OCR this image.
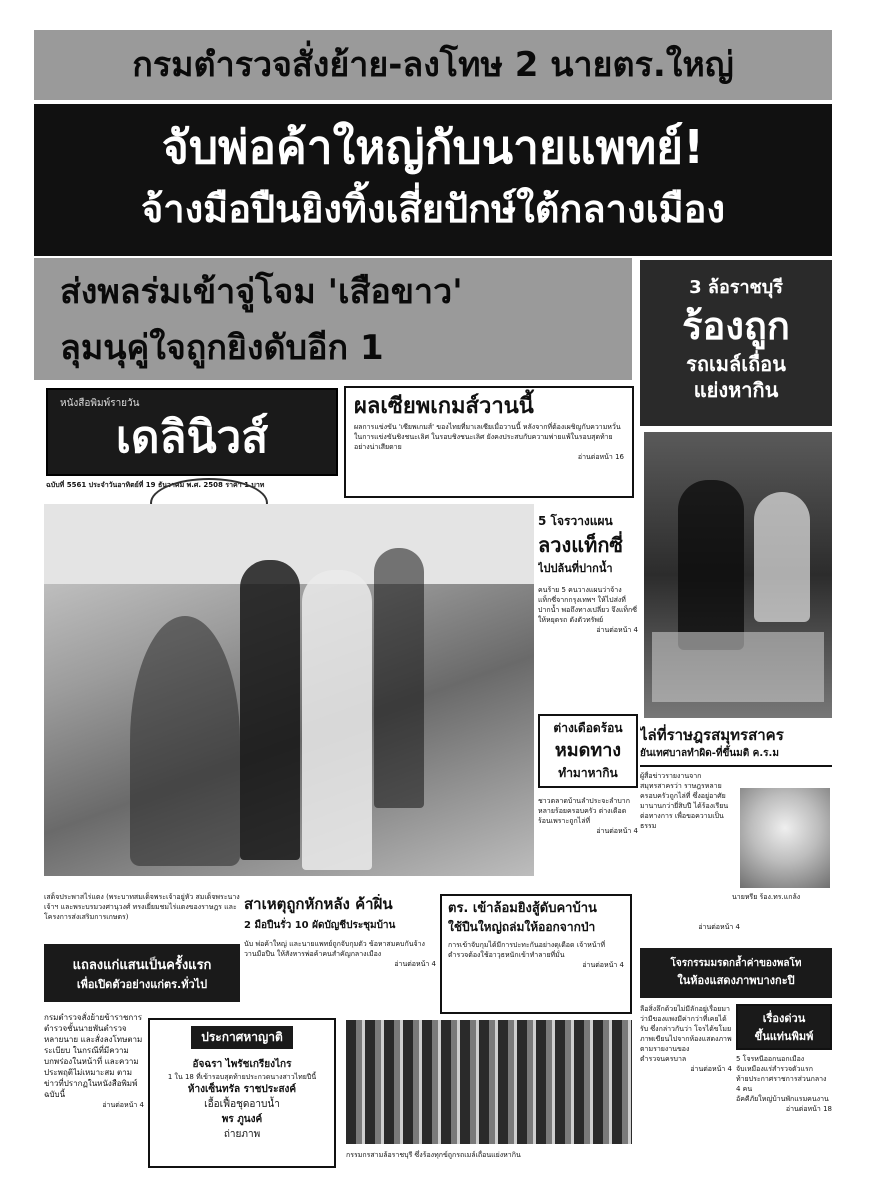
กรมตำรวจสั่งย้าย-ลงโทษ 2 นายตร.ใหญ่
จับพ่อค้าใหญ่กับนายแพทย์!
จ้างมือปืนยิงทิ้งเสี่ยปักษ์ใต้กลางเมือง
ส่งพลร่มเข้าจู่โจม 'เสือขาว'
ลุมนุคู่ใจถูกยิงดับอีก 1
3 ล้อราชบุรี
ร้องถูก
รถเมล์เถื่อน
แย่งหากิน
หนังสือพิมพ์รายวัน
เดลินิวส์
ฉบับที่ 5561 ประจำวันอาทิตย์ที่ 19 ธันวาคม พ.ศ. 2508 ราคา 1 บาท
ผลเซียพเกมส์วานนี้
ผลการแข่งขัน 'เซียพเกมส์' ของไทยที่มาเลเซียเมื่อวานนี้ หลังจากที่ต้องเผชิญกับความหวั่นในการแข่งขันชิงชนะเลิศ ในรอบชิงชนะเลิศ ยังคงประสบกับความพ่ายแพ้ในรอบสุดท้าย อย่างน่าเสียดาย
อ่านต่อหน้า 16
5 โจรวางแผน
ลวงแท็กซี่
ไปปล้นที่ปากน้ำ
คนร้าย 5 คนวางแผนว่าจ้างแท็กซี่จากกรุงเทพฯ ให้ไปส่งที่ปากน้ำ พอถึงทางเปลี่ยว จึงแท็กซี่ให้หยุดรถ ดังตัวทรัพย์
อ่านต่อหน้า 4
ต่างเดือดร้อน
หมดทาง
ทำมาหากิน
ชาวตลาดบ้านลำประจะลำบาก หลายร้อยครอบครัว ต่างเดือดร้อนเพราะถูกไล่ที่
อ่านต่อหน้า 4
ไล่ที่ราษฎรสมุทรสาคร
ยันเทศบาลทำผิด-ที่ขึ้นมติ ค.ร.ม
ผู้สื่อข่าวรายงานจากสมุทรสาครว่า ราษฎรหลายครอบครัวถูกไล่ที่ ซึ่งอยู่อาศัยมานานกว่ายี่สิบปี ได้ร้องเรียนต่อทางการ เพื่อขอความเป็นธรรม
นายหรีย ร้อง.ทร.แกล้ง
อ่านต่อหน้า 4
เสด็จประพาสไร่แตง (พระบาทสมเด็จพระเจ้าอยู่หัว สมเด็จพระนางเจ้าฯ และพระบรมวงศานุวงศ์ ทรงเยี่ยมชมไร่แตงของราษฎร และโครงการส่งเสริมการเกษตร)
แถลงแก่แสนเป็นครั้งแรก
เพื่อเปิดตัวอย่างแก่ตร.ทั่วไป
กรมตำรวจสั่งย้ายข้าราชการตำรวจชั้นนายพันตำรวจหลายนาย และสั่งลงโทษตามระเบียบ ในกรณีที่มีความบกพร่องในหน้าที่ และความประพฤติไม่เหมาะสม ตามข่าวที่ปรากฏในหนังสือพิมพ์ฉบับนี้
อ่านต่อหน้า 4
ประกาศหาญาติ
อัจฉรา ไพรัชเกรียงไกร
1 ใน 18 ที่เข้ารอบสุดท้ายประกวดนางสาวไทยปีนี้
ห้างเซ็นทรัล ราชประสงค์
เอื้อเฟื้อชุดอาบน้ำ
พร ภูนงค์
ถ่ายภาพ
สาเหตุถูกหักหลัง ค้าฝิ่น
2 มือปืนรั่ว 10 ผัดบัญชีประชุมบ้าน
นับ พ่อค้าใหญ่ และนายแพทย์ถูกจับกุมตัว ข้อหาสมคบกันจ้างวานมือปืน ให้สังหารพ่อค้าคนสำคัญกลางเมือง
อ่านต่อหน้า 4
ตร. เข้าล้อมยิงสู้ดับคาบ้าน
ใช้ปืนใหญ่ถล่มให้ออกจากป่า
การเข้าจับกุมได้มีการปะทะกันอย่างดุเดือด เจ้าหน้าที่ตำรวจต้องใช้อาวุธหนักเข้าทำลายที่มั่น
อ่านต่อหน้า 4
กรรมกรสามล้อราชบุรี ซึ่งร้องทุกข์ถูกรถเมล์เถื่อนแย่งหากิน
โจรกรรมมรดกล้ำค่าของพลโท
ในห้องแสดงภาพบางกะปิ
ลือสิ่งลึกด้วยไม่มีลักอยู่เรื่อยมาว่ามีของแพงมีค่ากว่าที่เคยได้รับ ซึ่งกล่าวกันว่า โจรได้ขโมยภาพเขียนไปจากห้องแสดงภาพ ตามรายงานของตำรวจนครบาล
อ่านต่อหน้า 4
เรื่องด่วน
ขึ้นแท่นพิมพ์
5 โจรหนีออกนอกเมือง
จับเหมืองแร่สำรวจตัวแรก
ท้ายประกาศราชการส่วนกลาง 4 คน
อัคคีภัยใหญ่บ้านพักแรมคนงาน
อ่านต่อหน้า 18
